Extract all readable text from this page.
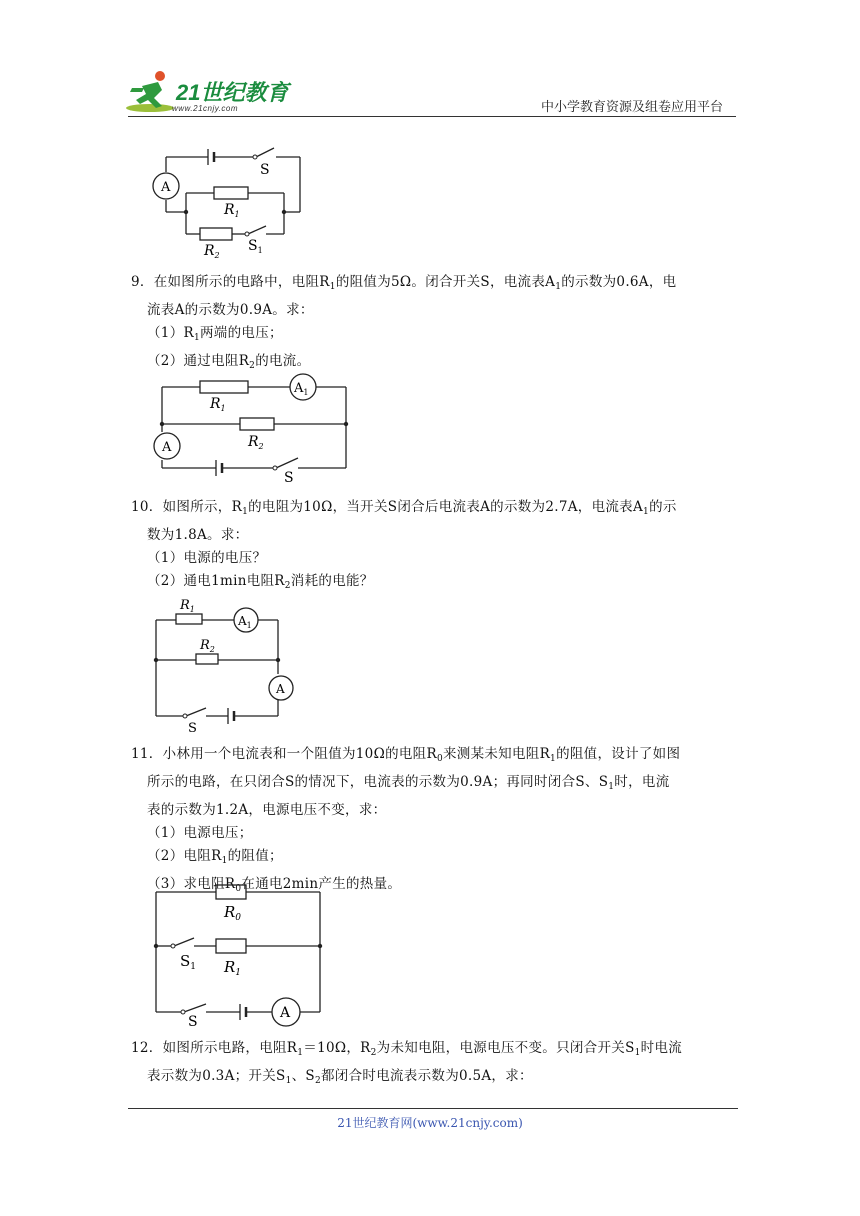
21世纪教育
www.21cnjy.com	中小学教育资源及组卷应用平台
A
S
$R_1$
$R_2$
$S_1$
9．在如图所示的电路中，电阻$R_1$的阻值为5Ω。闭合开关S，电流表$A_1$的示数为0.6A，电
流表A的示数为0.9A。求：
$(1)R_1$两端的电压；
（2）通过电阻$R_2$的电流。
$A_1$
$R_1$
$R_2$
A
S
10．如图所示，$R_1$的电阻为10Ω，当开关S闭合后电流表A的示数为2.7A，电流表$A_1$的示
数为1.8A。求：
（1）电源的电压？
（2）通电1min电阻$R_2$消耗的电能？
$R_1$
$A_1$
$R_2$
A
S
11．小林用一个电流表和一个阻值为10Ω的电阻$R_0$来测某未知电阻$R_1$的阻值，设计了如图
所示的电路，在只闭合S的情况下，电流表的示数为0.9A；再同时闭合S、$S_1$时，电流
表的示数为1.2A，电源电压不变，求：
（1）电源电压；
（2）电阻$R_1$的阻值；
（3）求电阻$R_0$在通电2min产生的热量。
$R_0$
$S_1$ $R_1$
S
A
12．如图所示电路，电阻$R_1=10\Omega$，$R_2$为未知电阻，电源电压不变。只闭合开关$S_1$时电流
表示数为0.3A；开关$S_1$、$S_2$都闭合时电流表示数为0.5A，求：
21世纪教育网(www.21cnjy.com)
